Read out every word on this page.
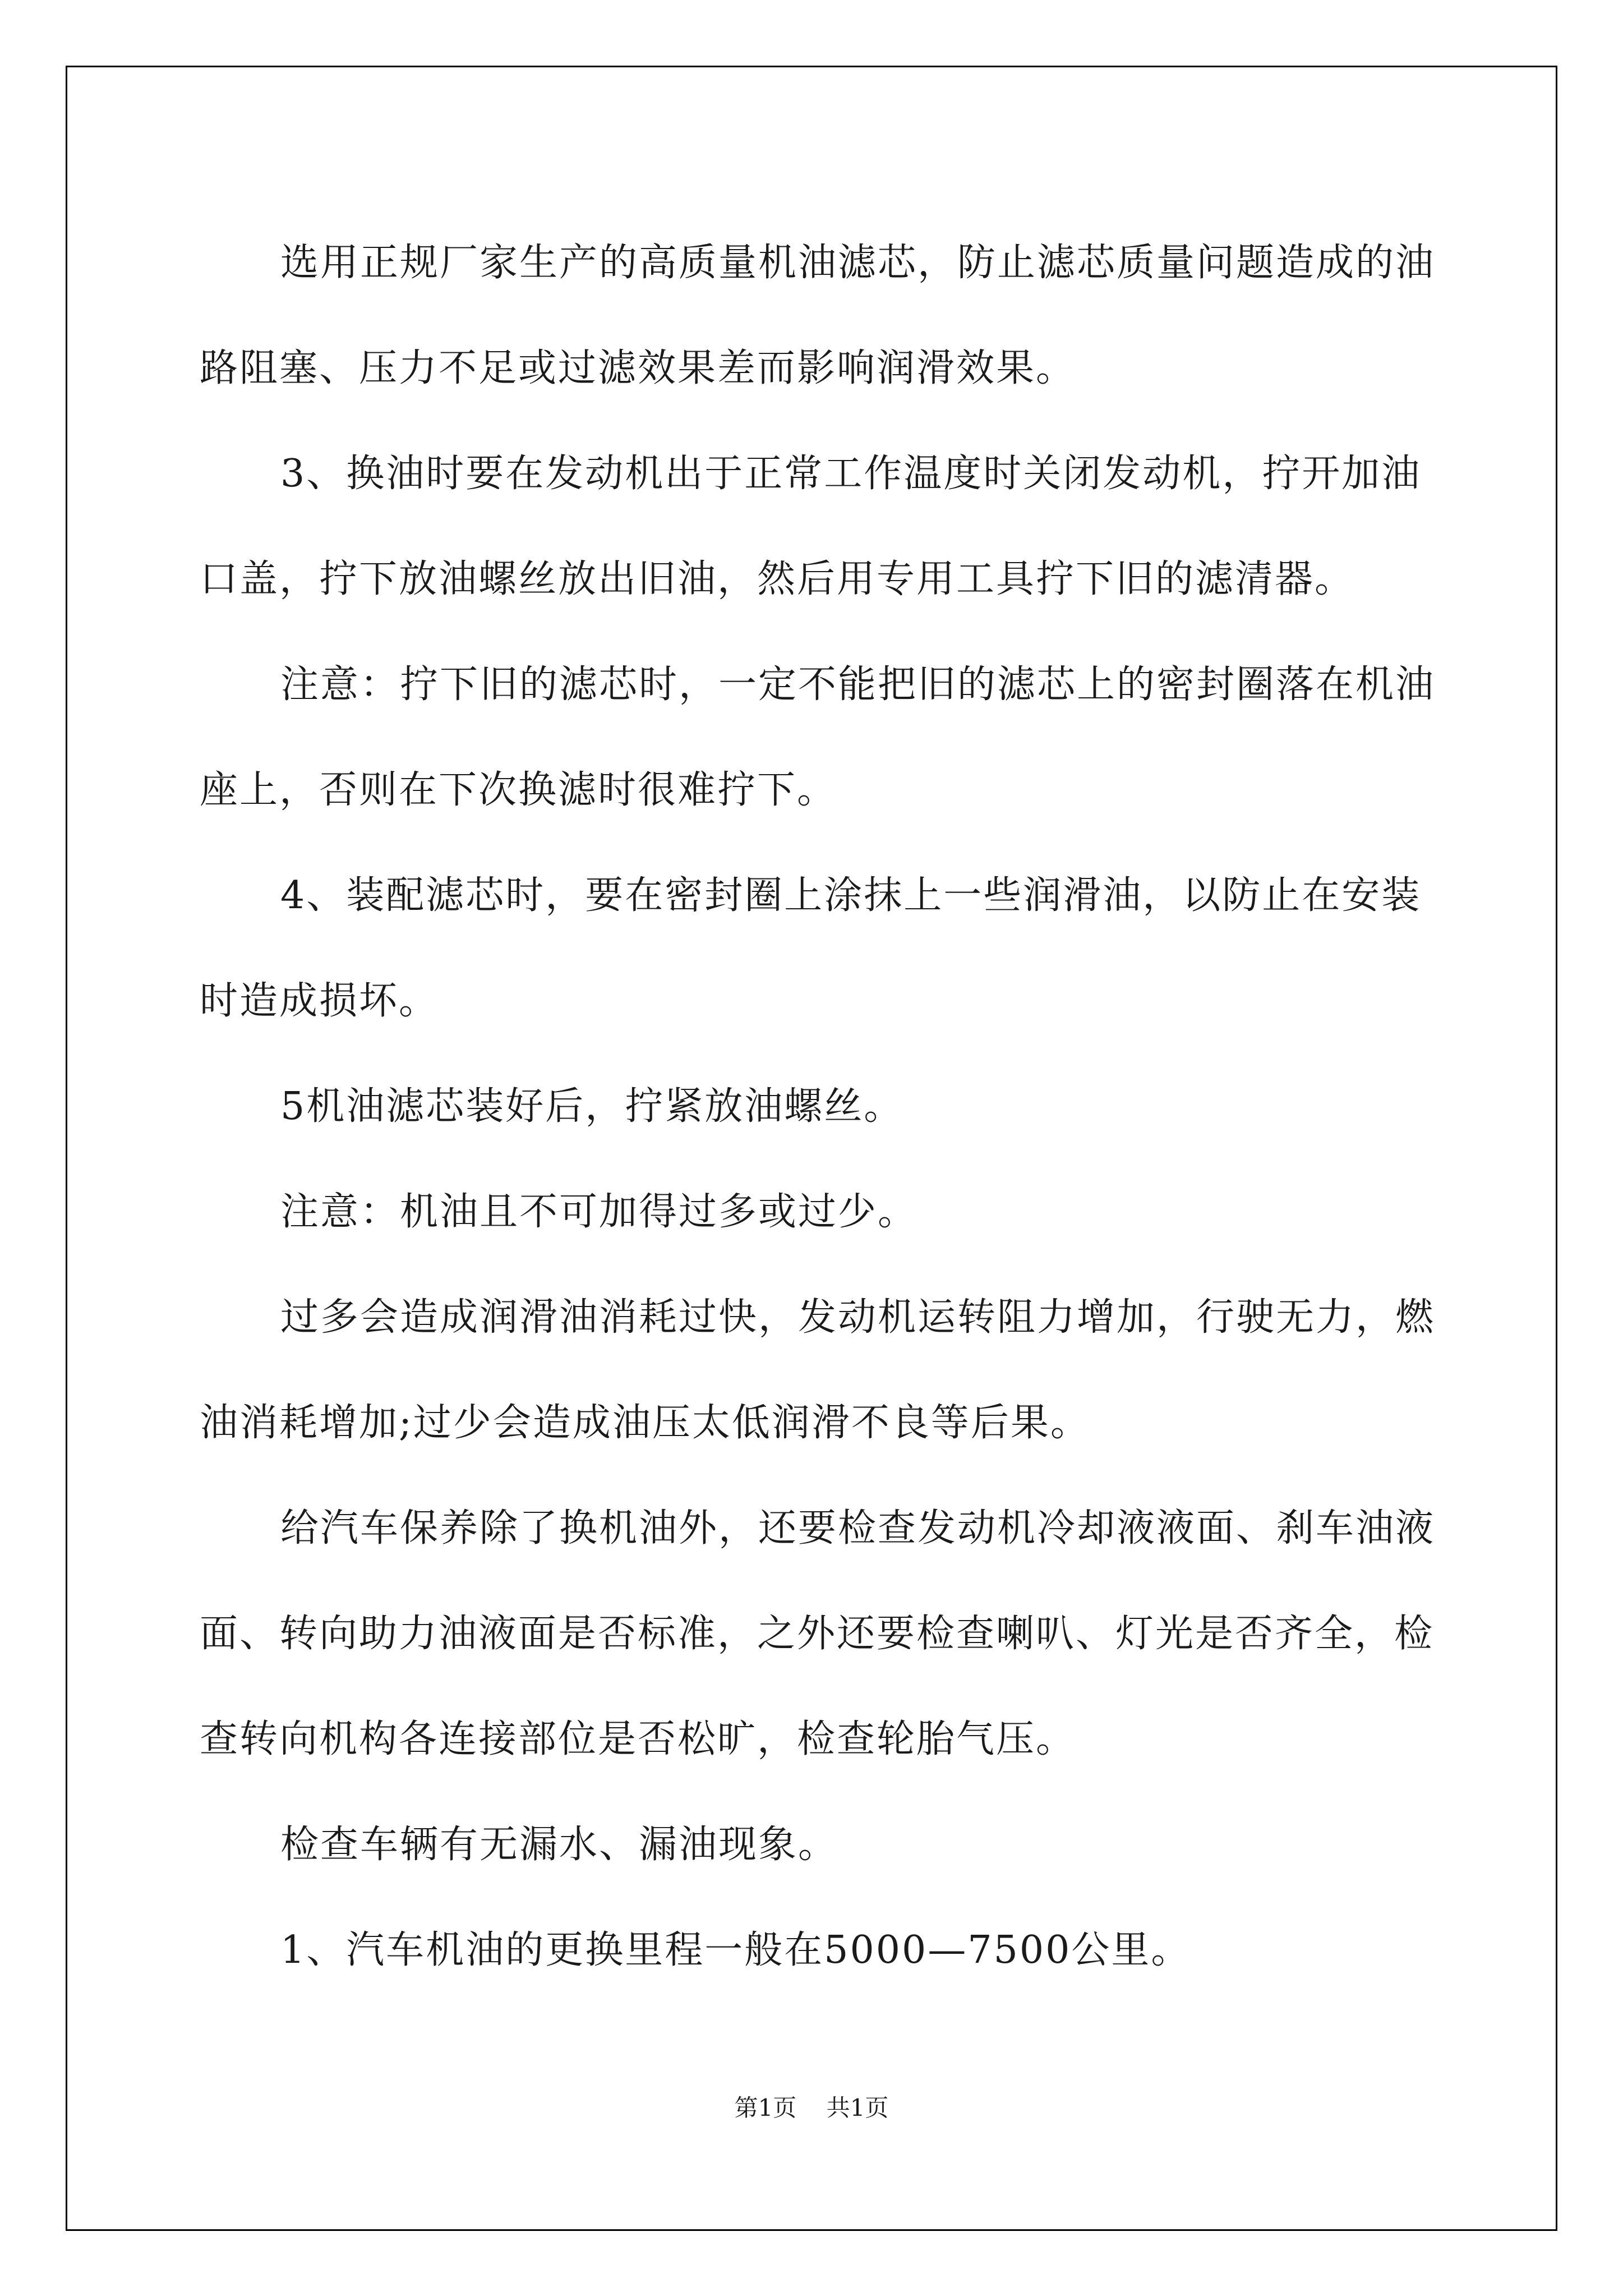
选用正规厂家生产的高质量机油滤芯，防止滤芯质量问题造成的油路阻塞、压力不足或过滤效果差而影响润滑效果。

3、换油时要在发动机出于正常工作温度时关闭发动机，拧开加油口盖，拧下放油螺丝放出旧油，然后用专用工具拧下旧的滤清器。

注意：拧下旧的滤芯时，一定不能把旧的滤芯上的密封圈落在机油座上，否则在下次换滤时很难拧下。

4、装配滤芯时，要在密封圈上涂抹上一些润滑油，以防止在安装时造成损坏。

5机油滤芯装好后，拧紧放油螺丝。

注意：机油且不可加得过多或过少。

过多会造成润滑油消耗过快，发动机运转阻力增加，行驶无力，燃油消耗增加;过少会造成油压太低润滑不良等后果。

给汽车保养除了换机油外，还要检查发动机冷却液液面、刹车油液面、转向助力油液面是否标准，之外还要检查喇叭、灯光是否齐全，检查转向机构各连接部位是否松旷，检查轮胎气压。

检查车辆有无漏水、漏油现象。

1、汽车机油的更换里程一般在5000—7500公里。

第1页 共1页
